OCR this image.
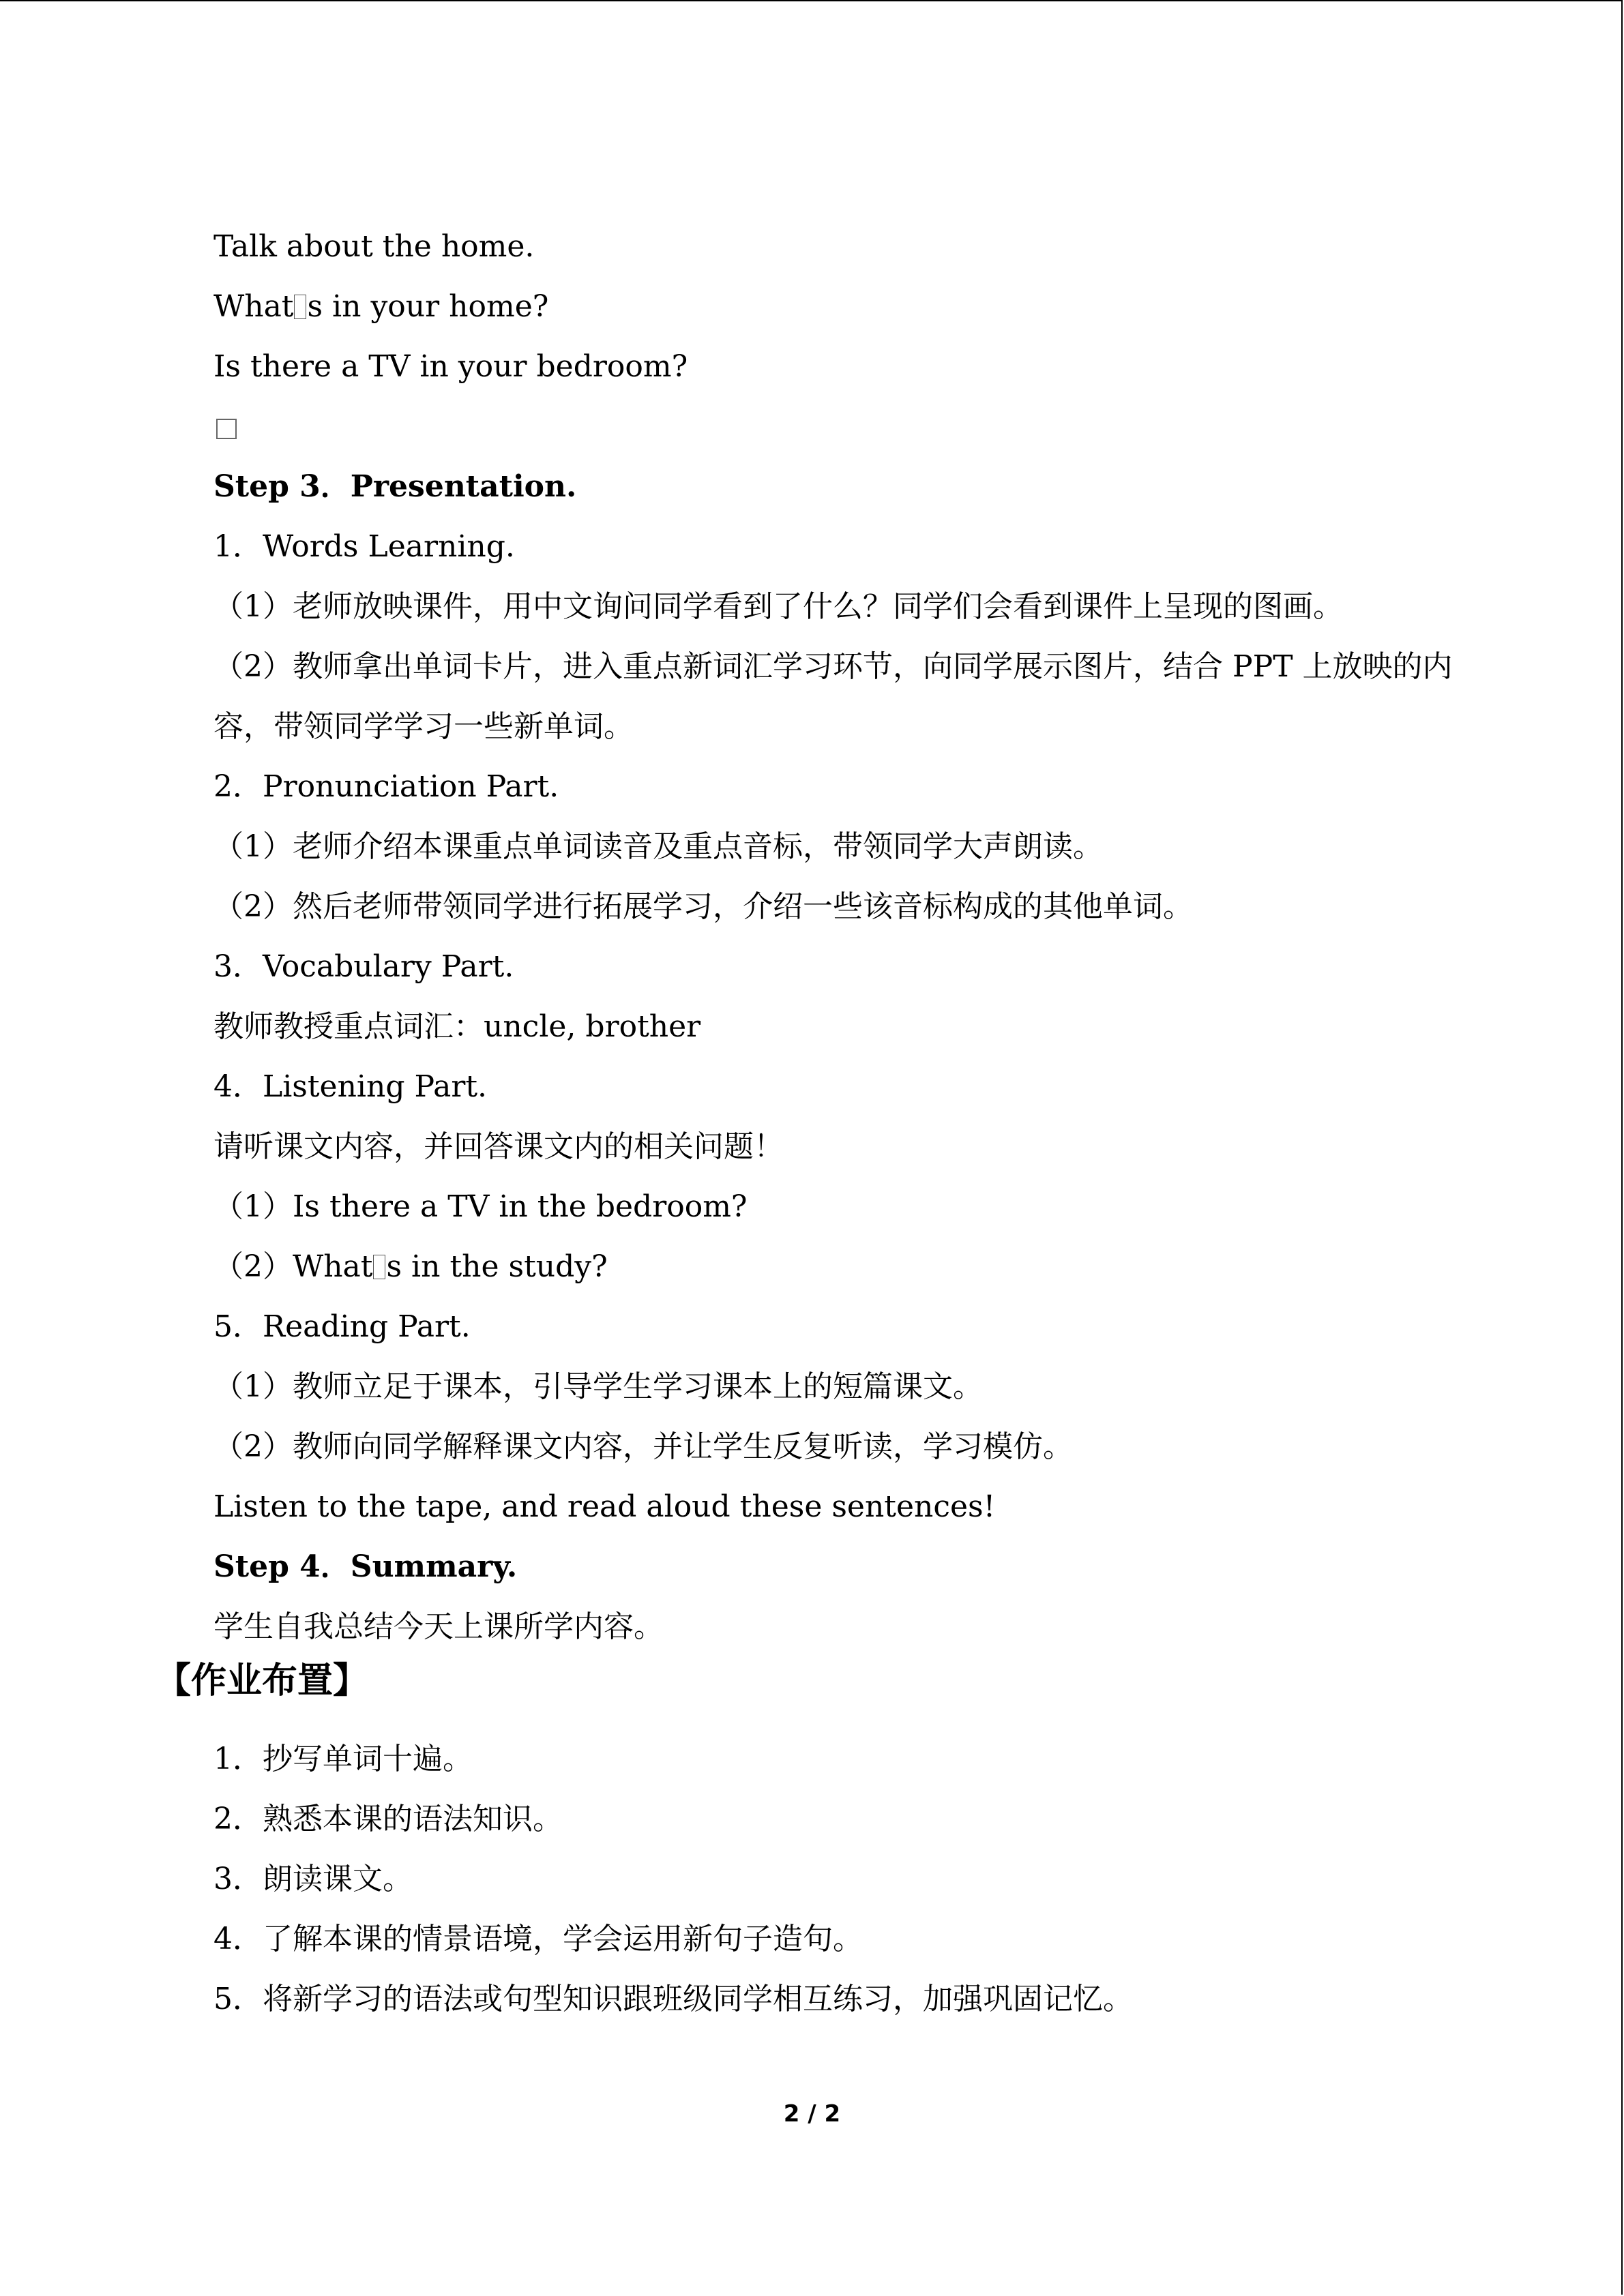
Talk about the home.
What s in your home?
Is there a TV in your bedroom?
Step 3．Presentation.
1．Words Learning.
（1）老师放映课件，用中文询问同学看到了什么？同学们会看到课件上呈现的图画。
（2）教师拿出单词卡片，进入重点新词汇学习环节，向同学展示图片，结合 PPT 上放映的内容，带领同学学习一些新单词。
2．Pronunciation Part.
（1）老师介绍本课重点单词读音及重点音标，带领同学大声朗读。
（2）然后老师带领同学进行拓展学习，介绍一些该音标构成的其他单词。
3．Vocabulary Part.
教师教授重点词汇：uncle, brother
4．Listening Part.
请听课文内容，并回答课文内的相关问题！
（1）Is there a TV in the bedroom?
（2）What s in the study?
5．Reading Part.
（1）教师立足于课本，引导学生学习课本上的短篇课文。
（2）教师向同学解释课文内容，并让学生反复听读，学习模仿。
Listen to the tape, and read aloud these sentences!
Step 4．Summary.
学生自我总结今天上课所学内容。
【作业布置】
1．抄写单词十遍。
2．熟悉本课的语法知识。
3．朗读课文。
4．了解本课的情景语境，学会运用新句子造句。
5．将新学习的语法或句型知识跟班级同学相互练习，加强巩固记忆。
2 / 2
